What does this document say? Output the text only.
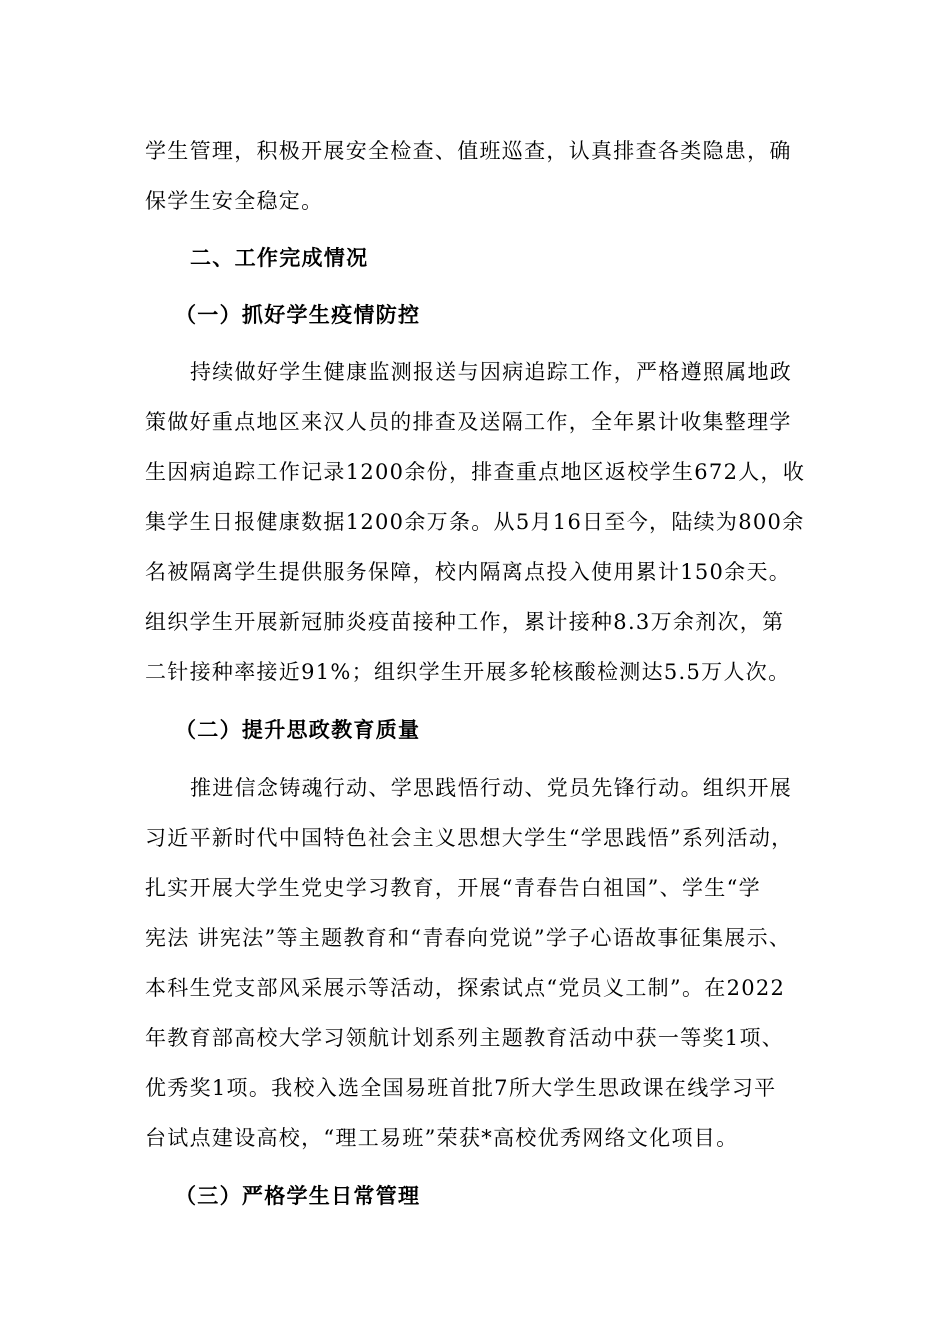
学生管理，积极开展安全检查、值班巡查，认真排查各类隐患，确
保学生安全稳定。
二、工作完成情况
（一）抓好学生疫情防控
持续做好学生健康监测报送与因病追踪工作，严格遵照属地政
策做好重点地区来汉人员的排查及送隔工作，全年累计收集整理学
生因病追踪工作记录1200余份，排查重点地区返校学生672人，收
集学生日报健康数据1200余万条。从5月16日至今，陆续为800余
名被隔离学生提供服务保障，校内隔离点投入使用累计150余天。
组织学生开展新冠肺炎疫苗接种工作，累计接种8.3万余剂次，第
二针接种率接近91%；组织学生开展多轮核酸检测达5.5万人次。
（二）提升思政教育质量
推进信念铸魂行动、学思践悟行动、党员先锋行动。组织开展
习近平新时代中国特色社会主义思想大学生“学思践悟”系列活动，
扎实开展大学生党史学习教育，开展“青春告白祖国”、学生“学
宪法 讲宪法”等主题教育和“青春向党说”学子心语故事征集展示、
本科生党支部风采展示等活动，探索试点“党员义工制”。在2022
年教育部高校大学习领航计划系列主题教育活动中获一等奖1项、
优秀奖1项。我校入选全国易班首批7所大学生思政课在线学习平
台试点建设高校，“理工易班”荣获*高校优秀网络文化项目。
（三）严格学生日常管理
